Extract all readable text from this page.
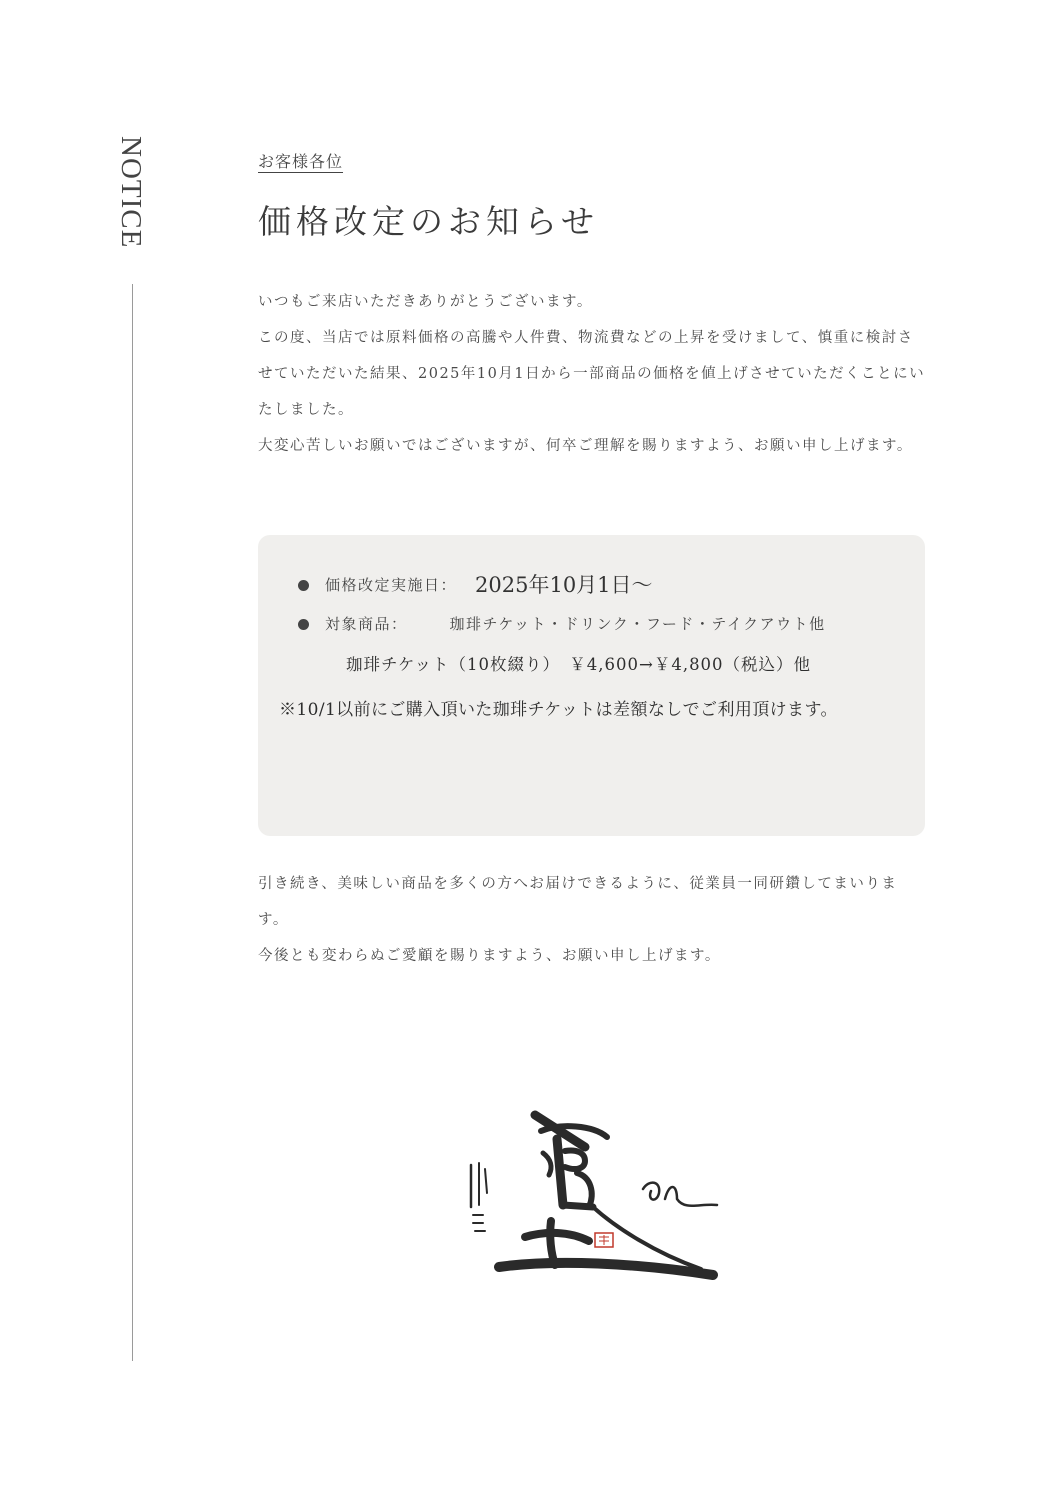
NOTICE	お客様各位

価格改定のお知らせ

いつもご来店いただきありがとうございます。

この度、当店では原料価格の高騰や人件費、物流費などの上昇を受けまして、慎重に検討させていただいた結果、2025年10月1日から一部商品の価格を値上げさせていただくことにいたしました。

大変心苦しいお願いではございますが、何卒ご理解を賜りますよう、お願い申し上げます。

価格改定実施日： 2025年10月1日〜
対象商品：	珈琲チケット・ドリンク・フード・テイクアウト他
珈琲チケット（10枚綴り）　￥4,600→￥4,800（税込）他
※10/1以前にご購入頂いた珈琲チケットは差額なしでご利用頂けます。

引き続き、美味しい商品を多くの方へお届けできるように、従業員一同研鑽してまいります。

今後とも変わらぬご愛顧を賜りますよう、お願い申し上げます。
